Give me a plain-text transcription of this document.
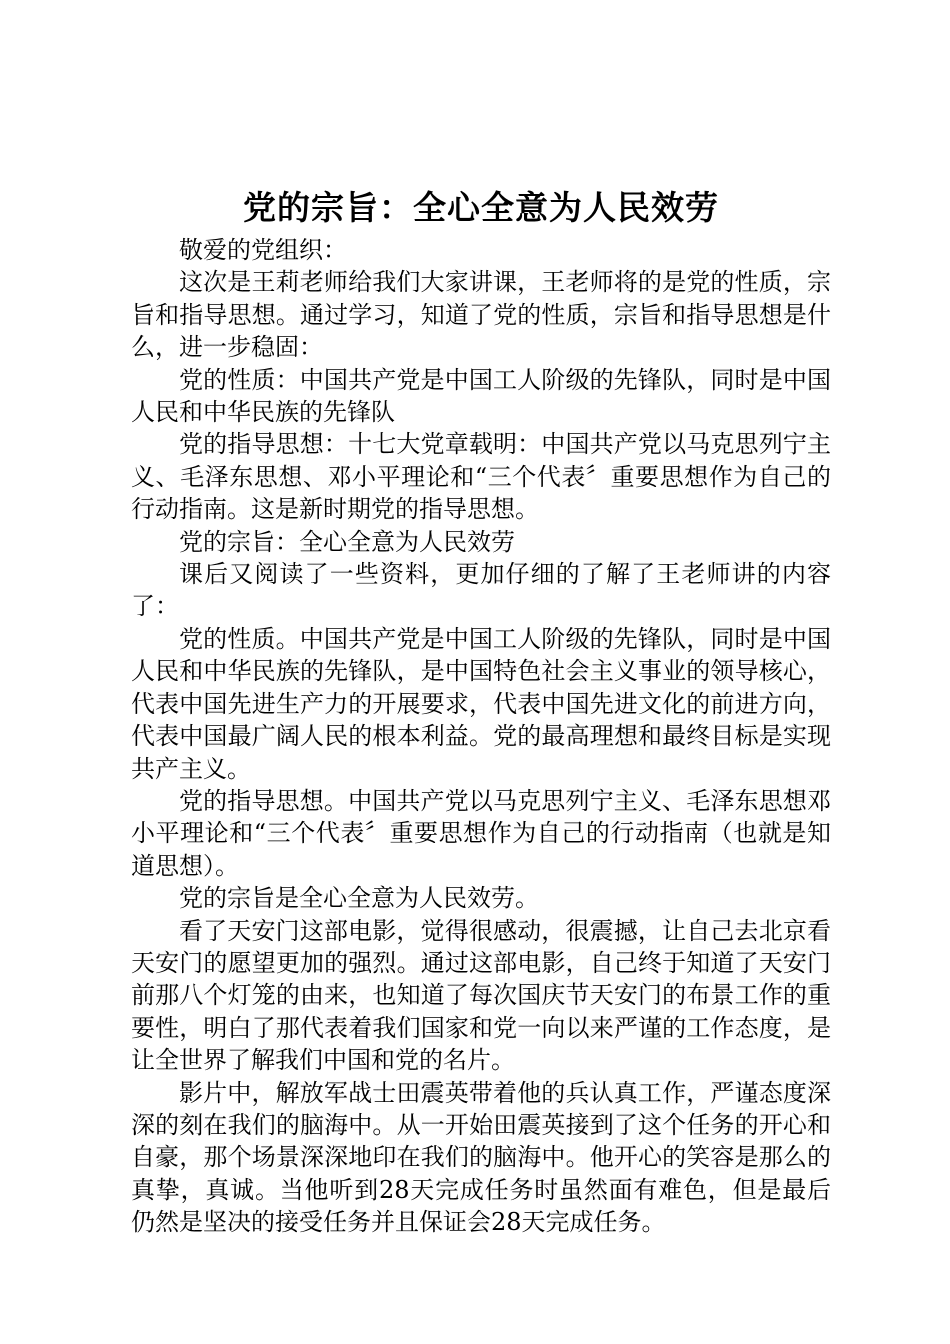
党的宗旨：全心全意为人民效劳

敬爱的党组织：

这次是王莉老师给我们大家讲课，王老师将的是党的性质，宗旨和指导思想。通过学习，知道了党的性质，宗旨和指导思想是什么，进一步稳固：

党的性质：中国共产党是中国工人阶级的先锋队，同时是中国人民和中华民族的先锋队

党的指导思想：十七大党章载明：中国共产党以马克思列宁主义、毛泽东思想、邓小平理论和“三个代表〞重要思想作为自己的行动指南。这是新时期党的指导思想。

党的宗旨：全心全意为人民效劳

课后又阅读了一些资料，更加仔细的了解了王老师讲的内容了：

党的性质。中国共产党是中国工人阶级的先锋队，同时是中国人民和中华民族的先锋队，是中国特色社会主义事业的领导核心，代表中国先进生产力的开展要求，代表中国先进文化的前进方向，代表中国最广阔人民的根本利益。党的最高理想和最终目标是实现共产主义。

党的指导思想。中国共产党以马克思列宁主义、毛泽东思想邓小平理论和“三个代表〞重要思想作为自己的行动指南（也就是知道思想）。

党的宗旨是全心全意为人民效劳。

看了天安门这部电影，觉得很感动，很震撼，让自己去北京看天安门的愿望更加的强烈。通过这部电影，自己终于知道了天安门前那八个灯笼的由来，也知道了每次国庆节天安门的布景工作的重要性，明白了那代表着我们国家和党一向以来严谨的工作态度，是让全世界了解我们中国和党的名片。

影片中，解放军战士田震英带着他的兵认真工作，严谨态度深深的刻在我们的脑海中。从一开始田震英接到了这个任务的开心和自豪，那个场景深深地印在我们的脑海中。他开心的笑容是那么的真挚，真诚。当他听到28天完成任务时虽然面有难色，但是最后仍然是坚决的接受任务并且保证会28天完成任务。
